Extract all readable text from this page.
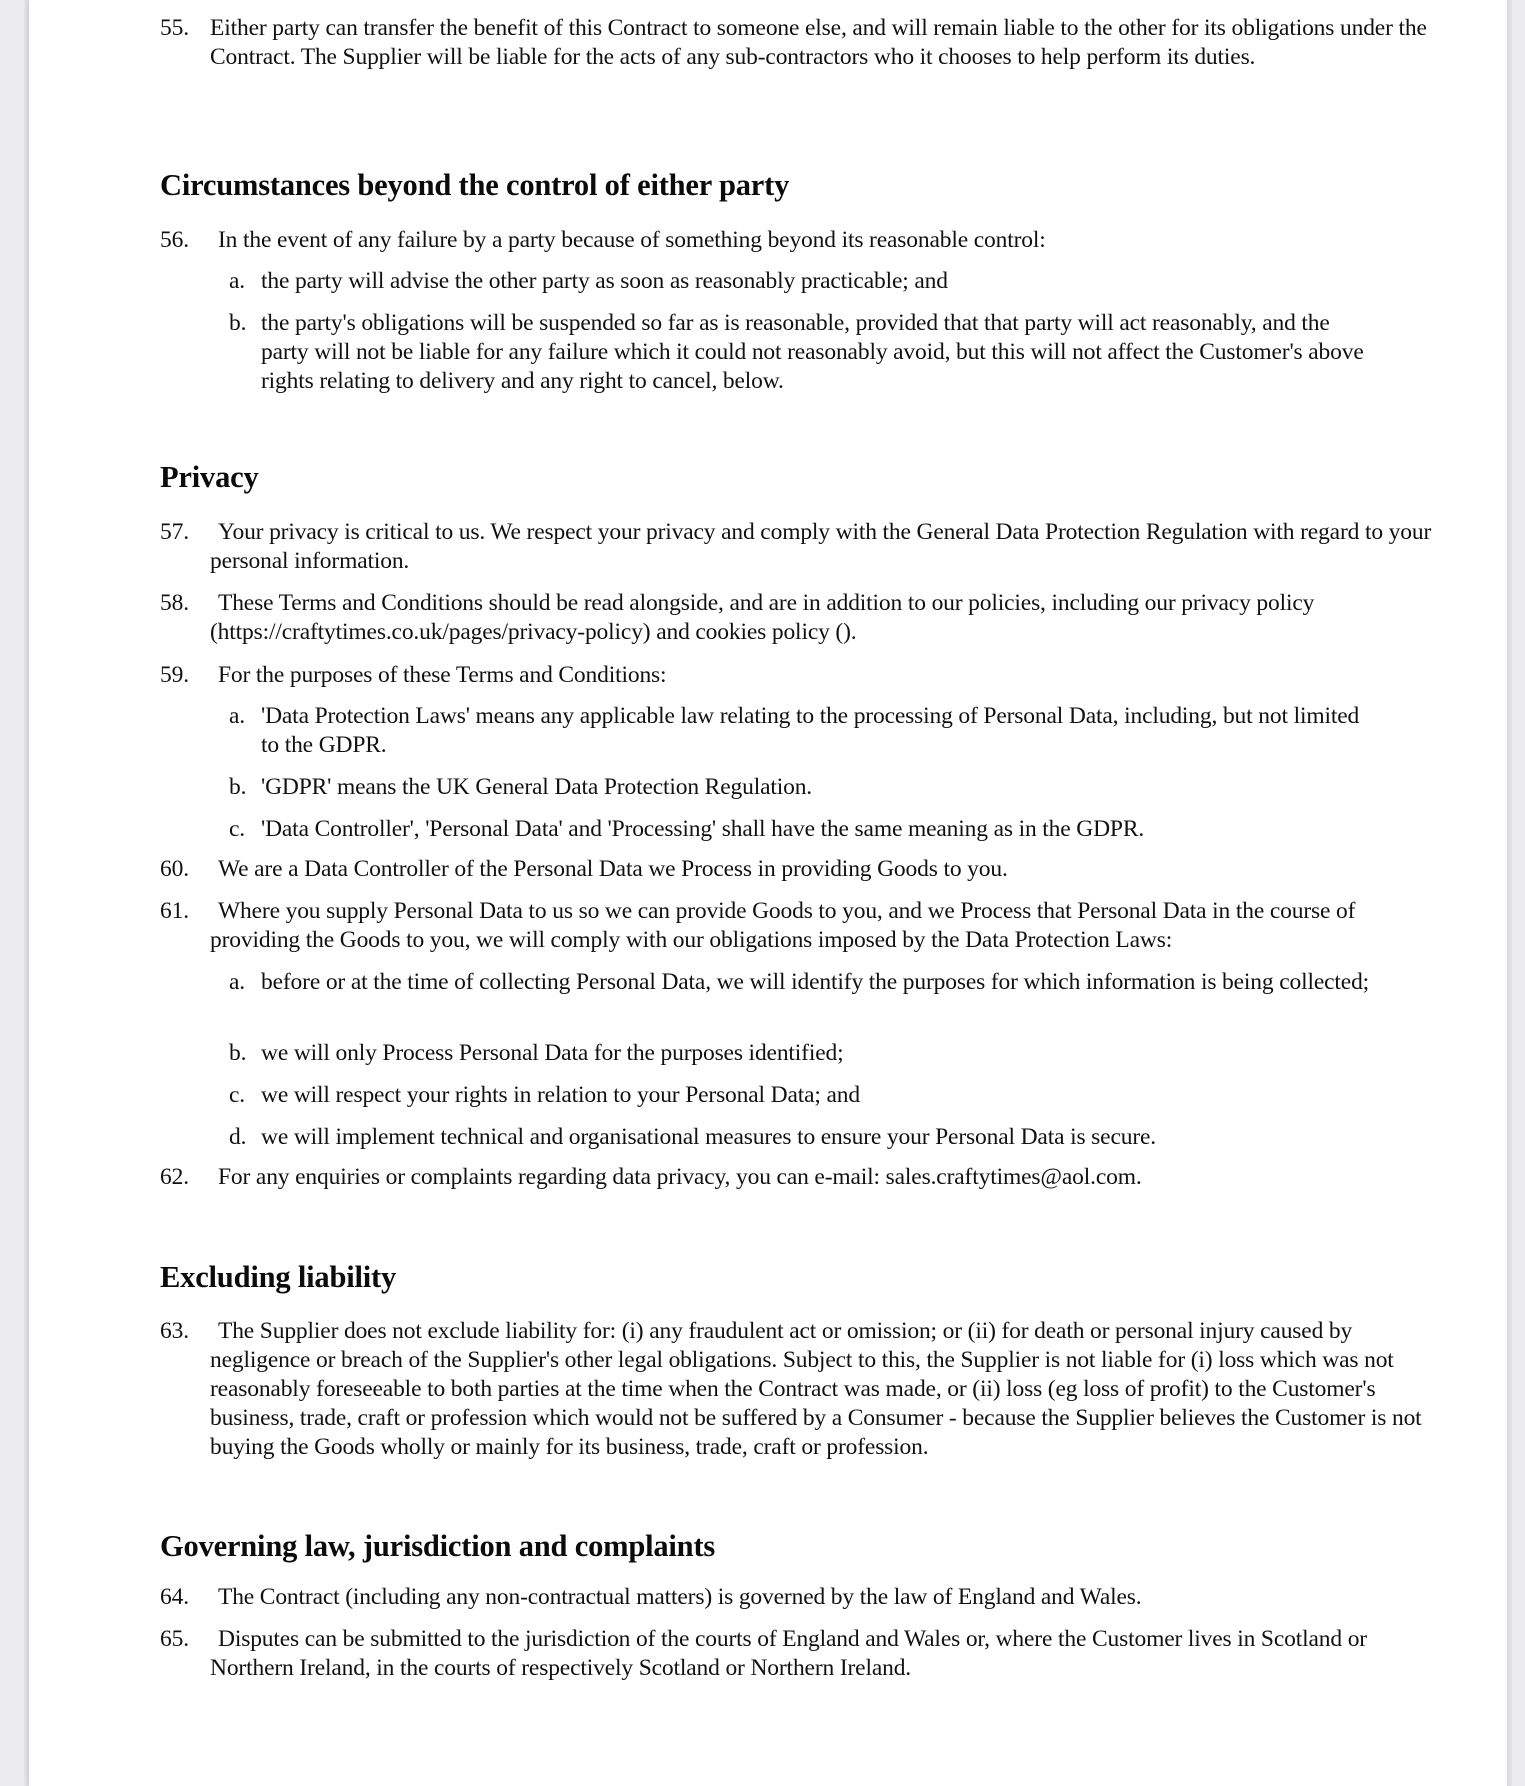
55. Either party can transfer the benefit of this Contract to someone else, and will remain liable to the other for its obligations under the Contract. The Supplier will be liable for the acts of any sub-contractors who it chooses to help perform its duties.
Circumstances beyond the control of either party
56.	In the event of any failure by a party because of something beyond its reasonable control:
a. the party will advise the other party as soon as reasonably practicable; and
b. the party's obligations will be suspended so far as is reasonable, provided that that party will act reasonably, and the party will not be liable for any failure which it could not reasonably avoid, but this will not affect the Customer's above rights relating to delivery and any right to cancel, below.
Privacy
57.	Your privacy is critical to us. We respect your privacy and comply with the General Data Protection Regulation with regard to your personal information.
58.	These Terms and Conditions should be read alongside, and are in addition to our policies, including our privacy policy (https://craftytimes.co.uk/pages/privacy-policy) and cookies policy ().
59.	For the purposes of these Terms and Conditions:
a. 'Data Protection Laws' means any applicable law relating to the processing of Personal Data, including, but not limited to the GDPR.
b. 'GDPR' means the UK General Data Protection Regulation.
c. 'Data Controller', 'Personal Data' and 'Processing' shall have the same meaning as in the GDPR.
60.	We are a Data Controller of the Personal Data we Process in providing Goods to you.
61.	Where you supply Personal Data to us so we can provide Goods to you, and we Process that Personal Data in the course of providing the Goods to you, we will comply with our obligations imposed by the Data Protection Laws:
a. before or at the time of collecting Personal Data, we will identify the purposes for which information is being collected;
b. we will only Process Personal Data for the purposes identified;
c. we will respect your rights in relation to your Personal Data; and
d. we will implement technical and organisational measures to ensure your Personal Data is secure.
62.	For any enquiries or complaints regarding data privacy, you can e-mail: sales.craftytimes@aol.com.
Excluding liability
63.	The Supplier does not exclude liability for: (i) any fraudulent act or omission; or (ii) for death or personal injury caused by negligence or breach of the Supplier's other legal obligations. Subject to this, the Supplier is not liable for (i) loss which was not reasonably foreseeable to both parties at the time when the Contract was made, or (ii) loss (eg loss of profit) to the Customer's business, trade, craft or profession which would not be suffered by a Consumer - because the Supplier believes the Customer is not buying the Goods wholly or mainly for its business, trade, craft or profession.
Governing law, jurisdiction and complaints
64.	The Contract (including any non-contractual matters) is governed by the law of England and Wales.
65.	Disputes can be submitted to the jurisdiction of the courts of England and Wales or, where the Customer lives in Scotland or Northern Ireland, in the courts of respectively Scotland or Northern Ireland.
